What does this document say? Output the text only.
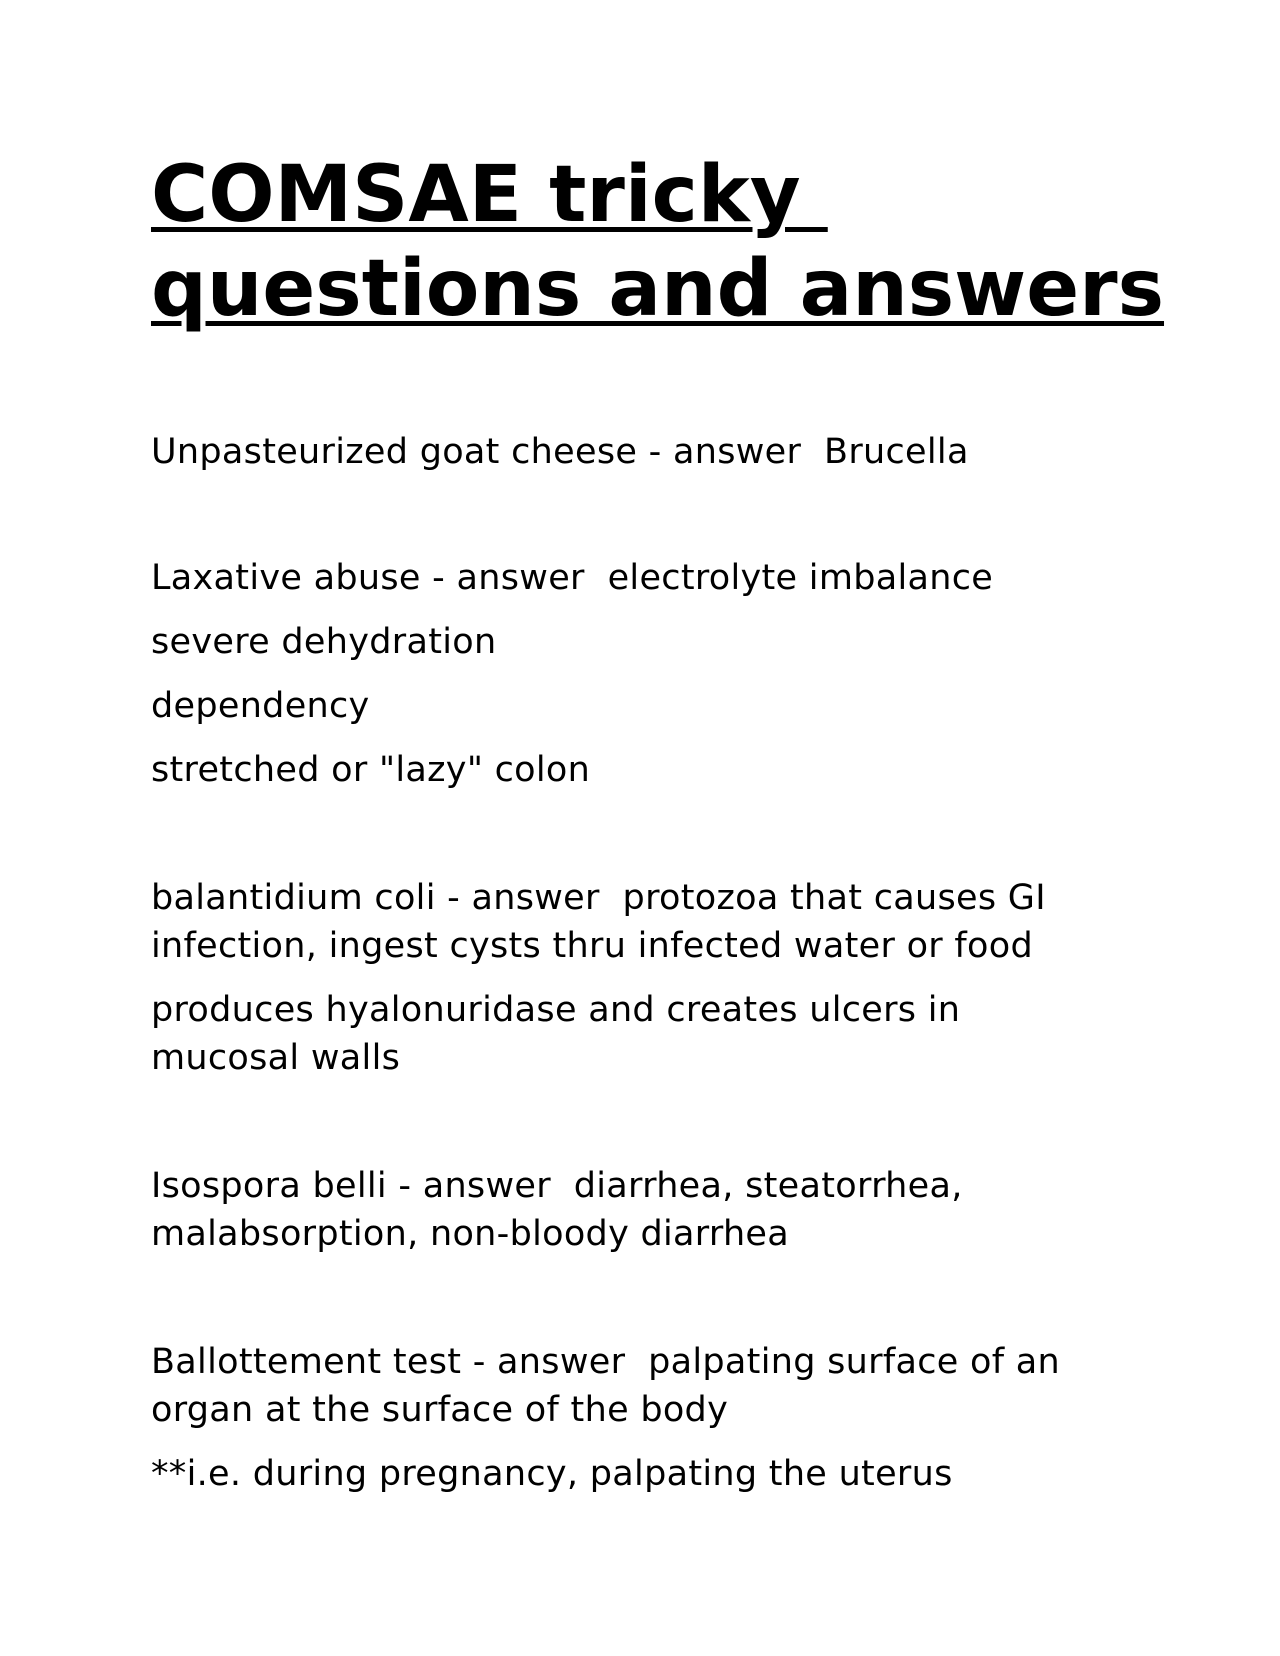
COMSAE tricky
questions and answers

Unpasteurized goat cheese - answer  Brucella

Laxative abuse - answer  electrolyte imbalance

severe dehydration

dependency

stretched or "lazy" colon

balantidium coli - answer  protozoa that causes GI infection, ingest cysts thru infected water or food

produces hyalonuridase and creates ulcers in mucosal walls

Isospora belli - answer  diarrhea, steatorrhea, malabsorption, non-bloody diarrhea

Ballottement test - answer  palpating surface of an organ at the surface of the body

**i.e. during pregnancy, palpating the uterus
